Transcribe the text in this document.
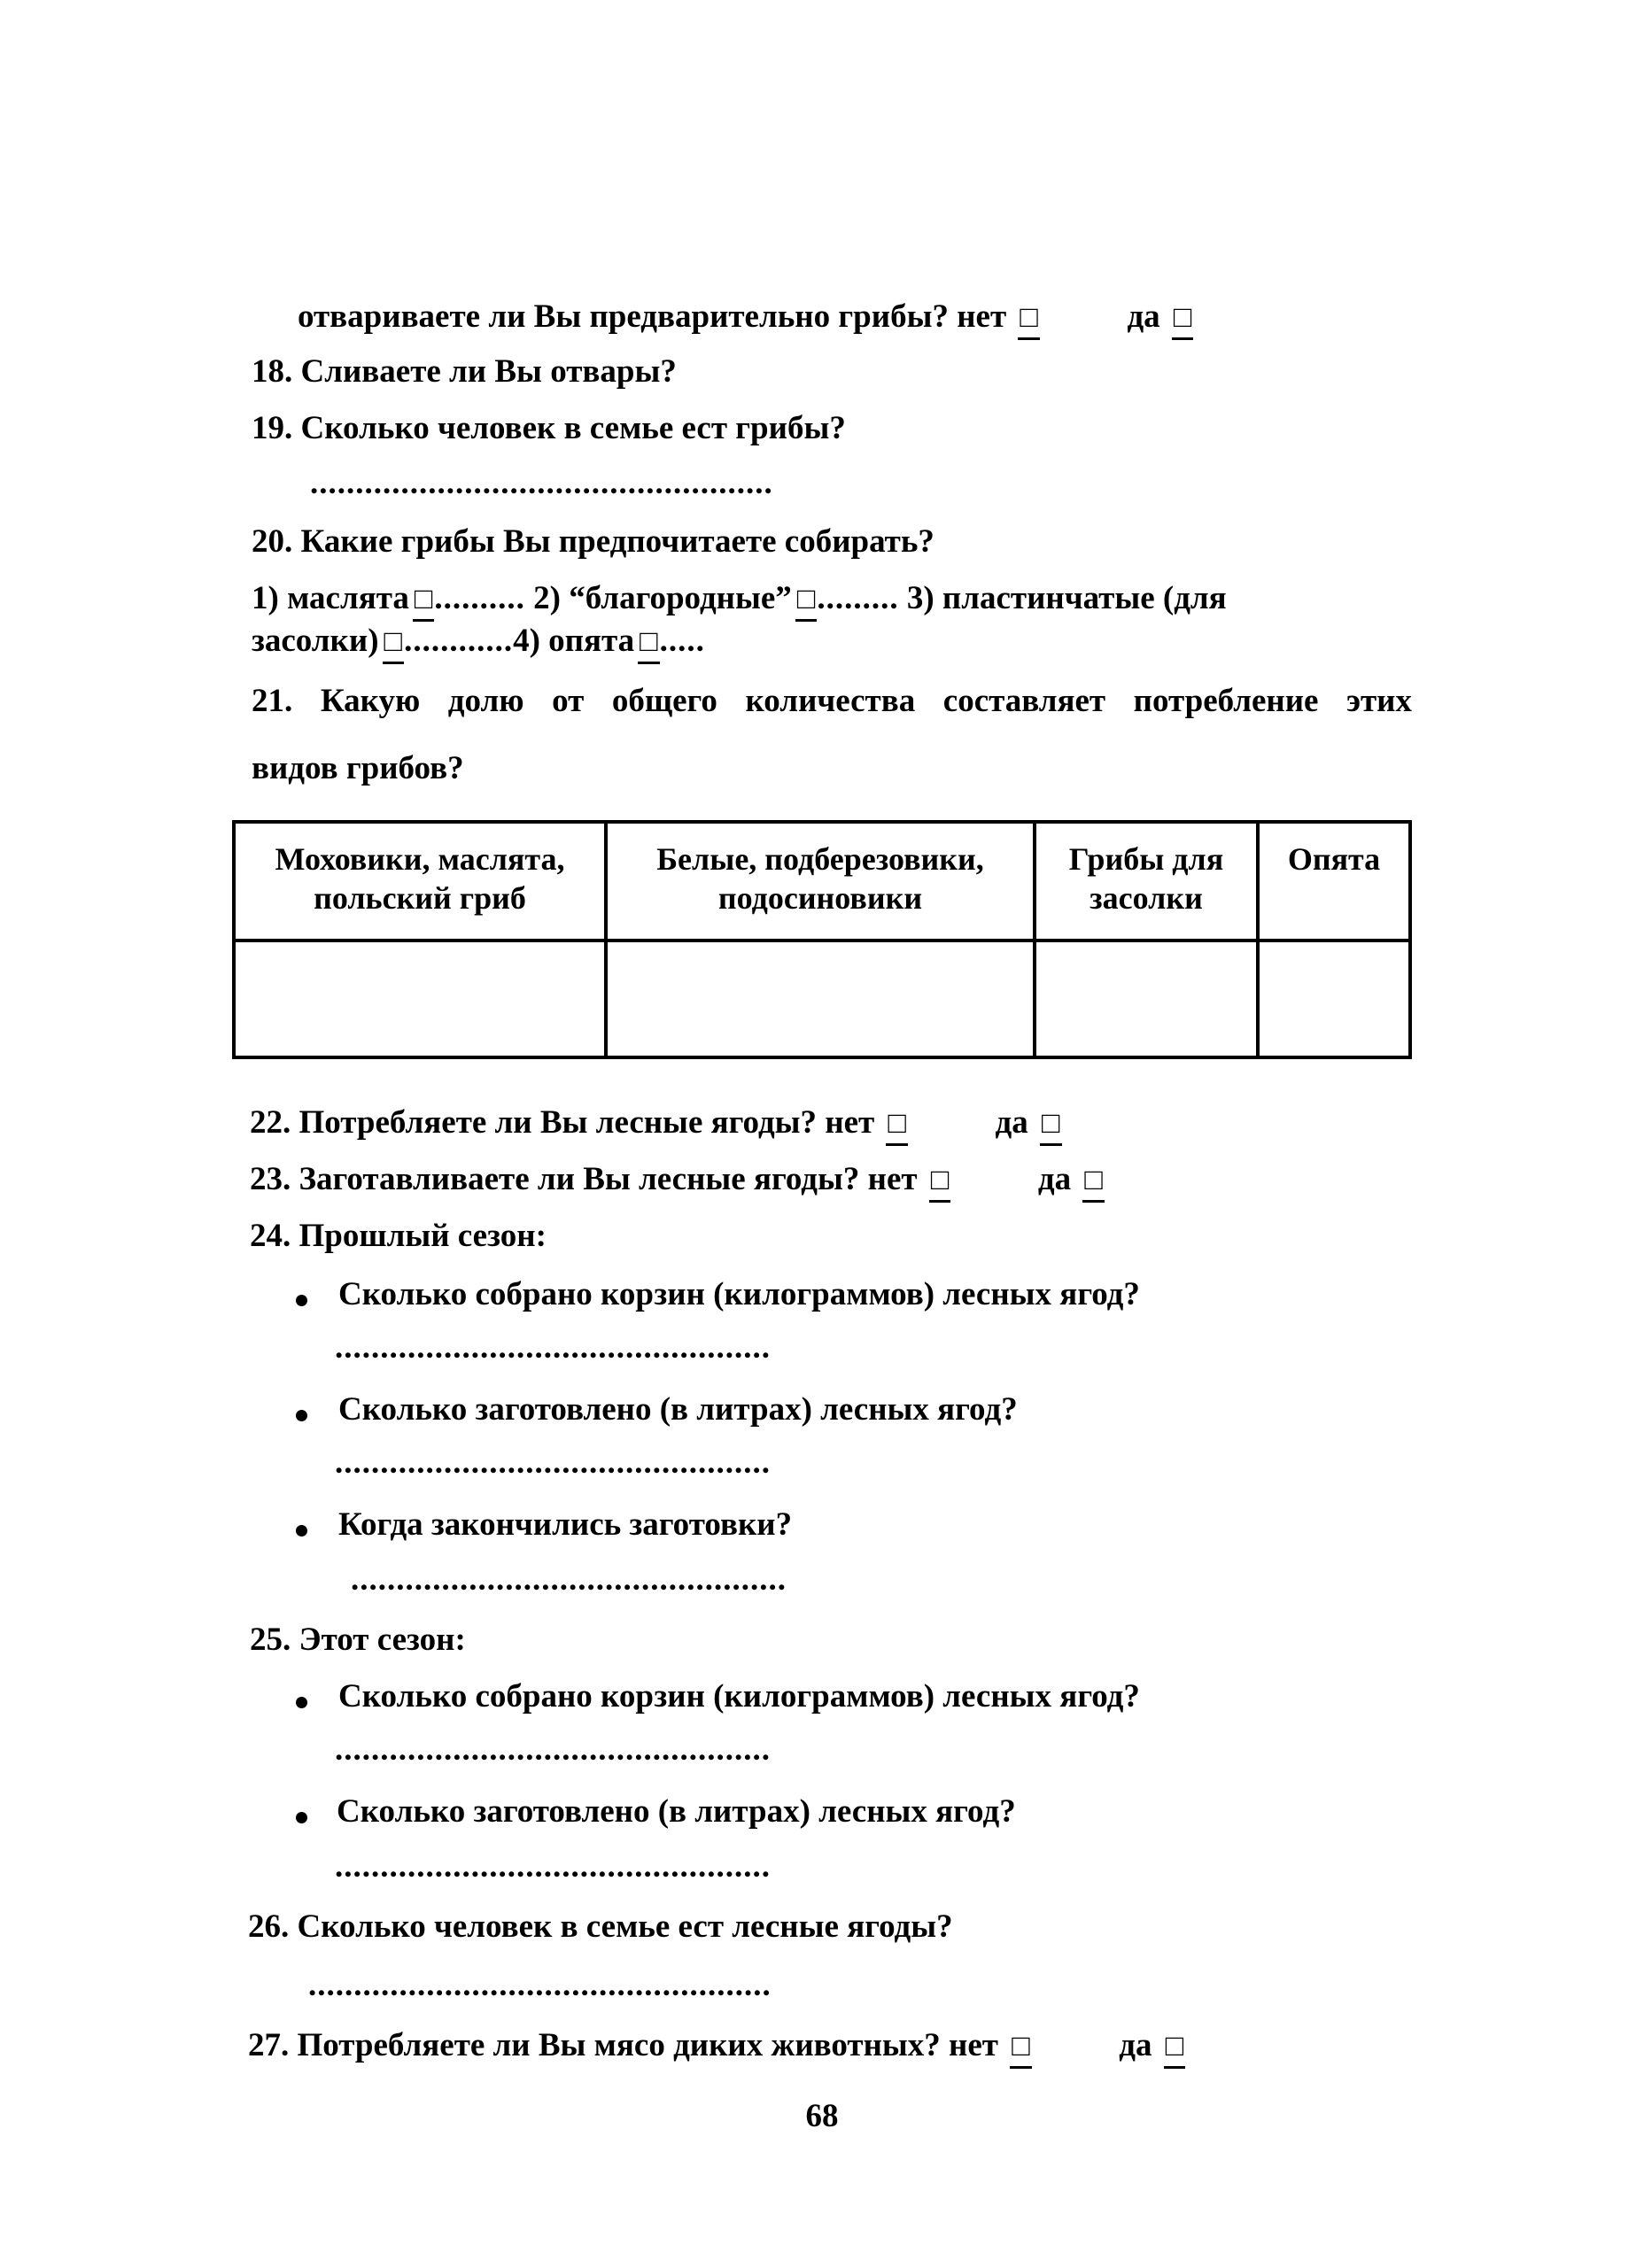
отвариваете ли Вы предварительно грибы? нет □	да □
18. Сливаете ли Вы отвары?
19. Сколько человек в семье ест грибы?
...................................................
20. Какие грибы Вы предпочитаете собирать?
1) маслята □.......... 2) “благородные” □......... 3) пластинчатые (для
засолки) □............4) опята □.....
21. Какую долю от общего количества составляет потребление этих
видов грибов?
Моховики, маслята, польский гриб	Белые, подберезовики, подосиновики	Грибы для засолки	Опята

22. Потребляете ли Вы лесные ягоды? нет □	да □
23. Заготавливаете ли Вы лесные ягоды? нет □	да □
24. Прошлый сезон:
Сколько собрано корзин (килограммов) лесных ягод?
................................................
Сколько заготовлено (в литрах) лесных ягод?
................................................
Когда закончились заготовки?
................................................
25. Этот сезон:
Сколько собрано корзин (килограммов) лесных ягод?
................................................
Сколько заготовлено (в литрах) лесных ягод?
................................................
26. Сколько человек в семье ест лесные ягоды?
...................................................
27. Потребляете ли Вы мясо диких животных? нет □	да □
68
